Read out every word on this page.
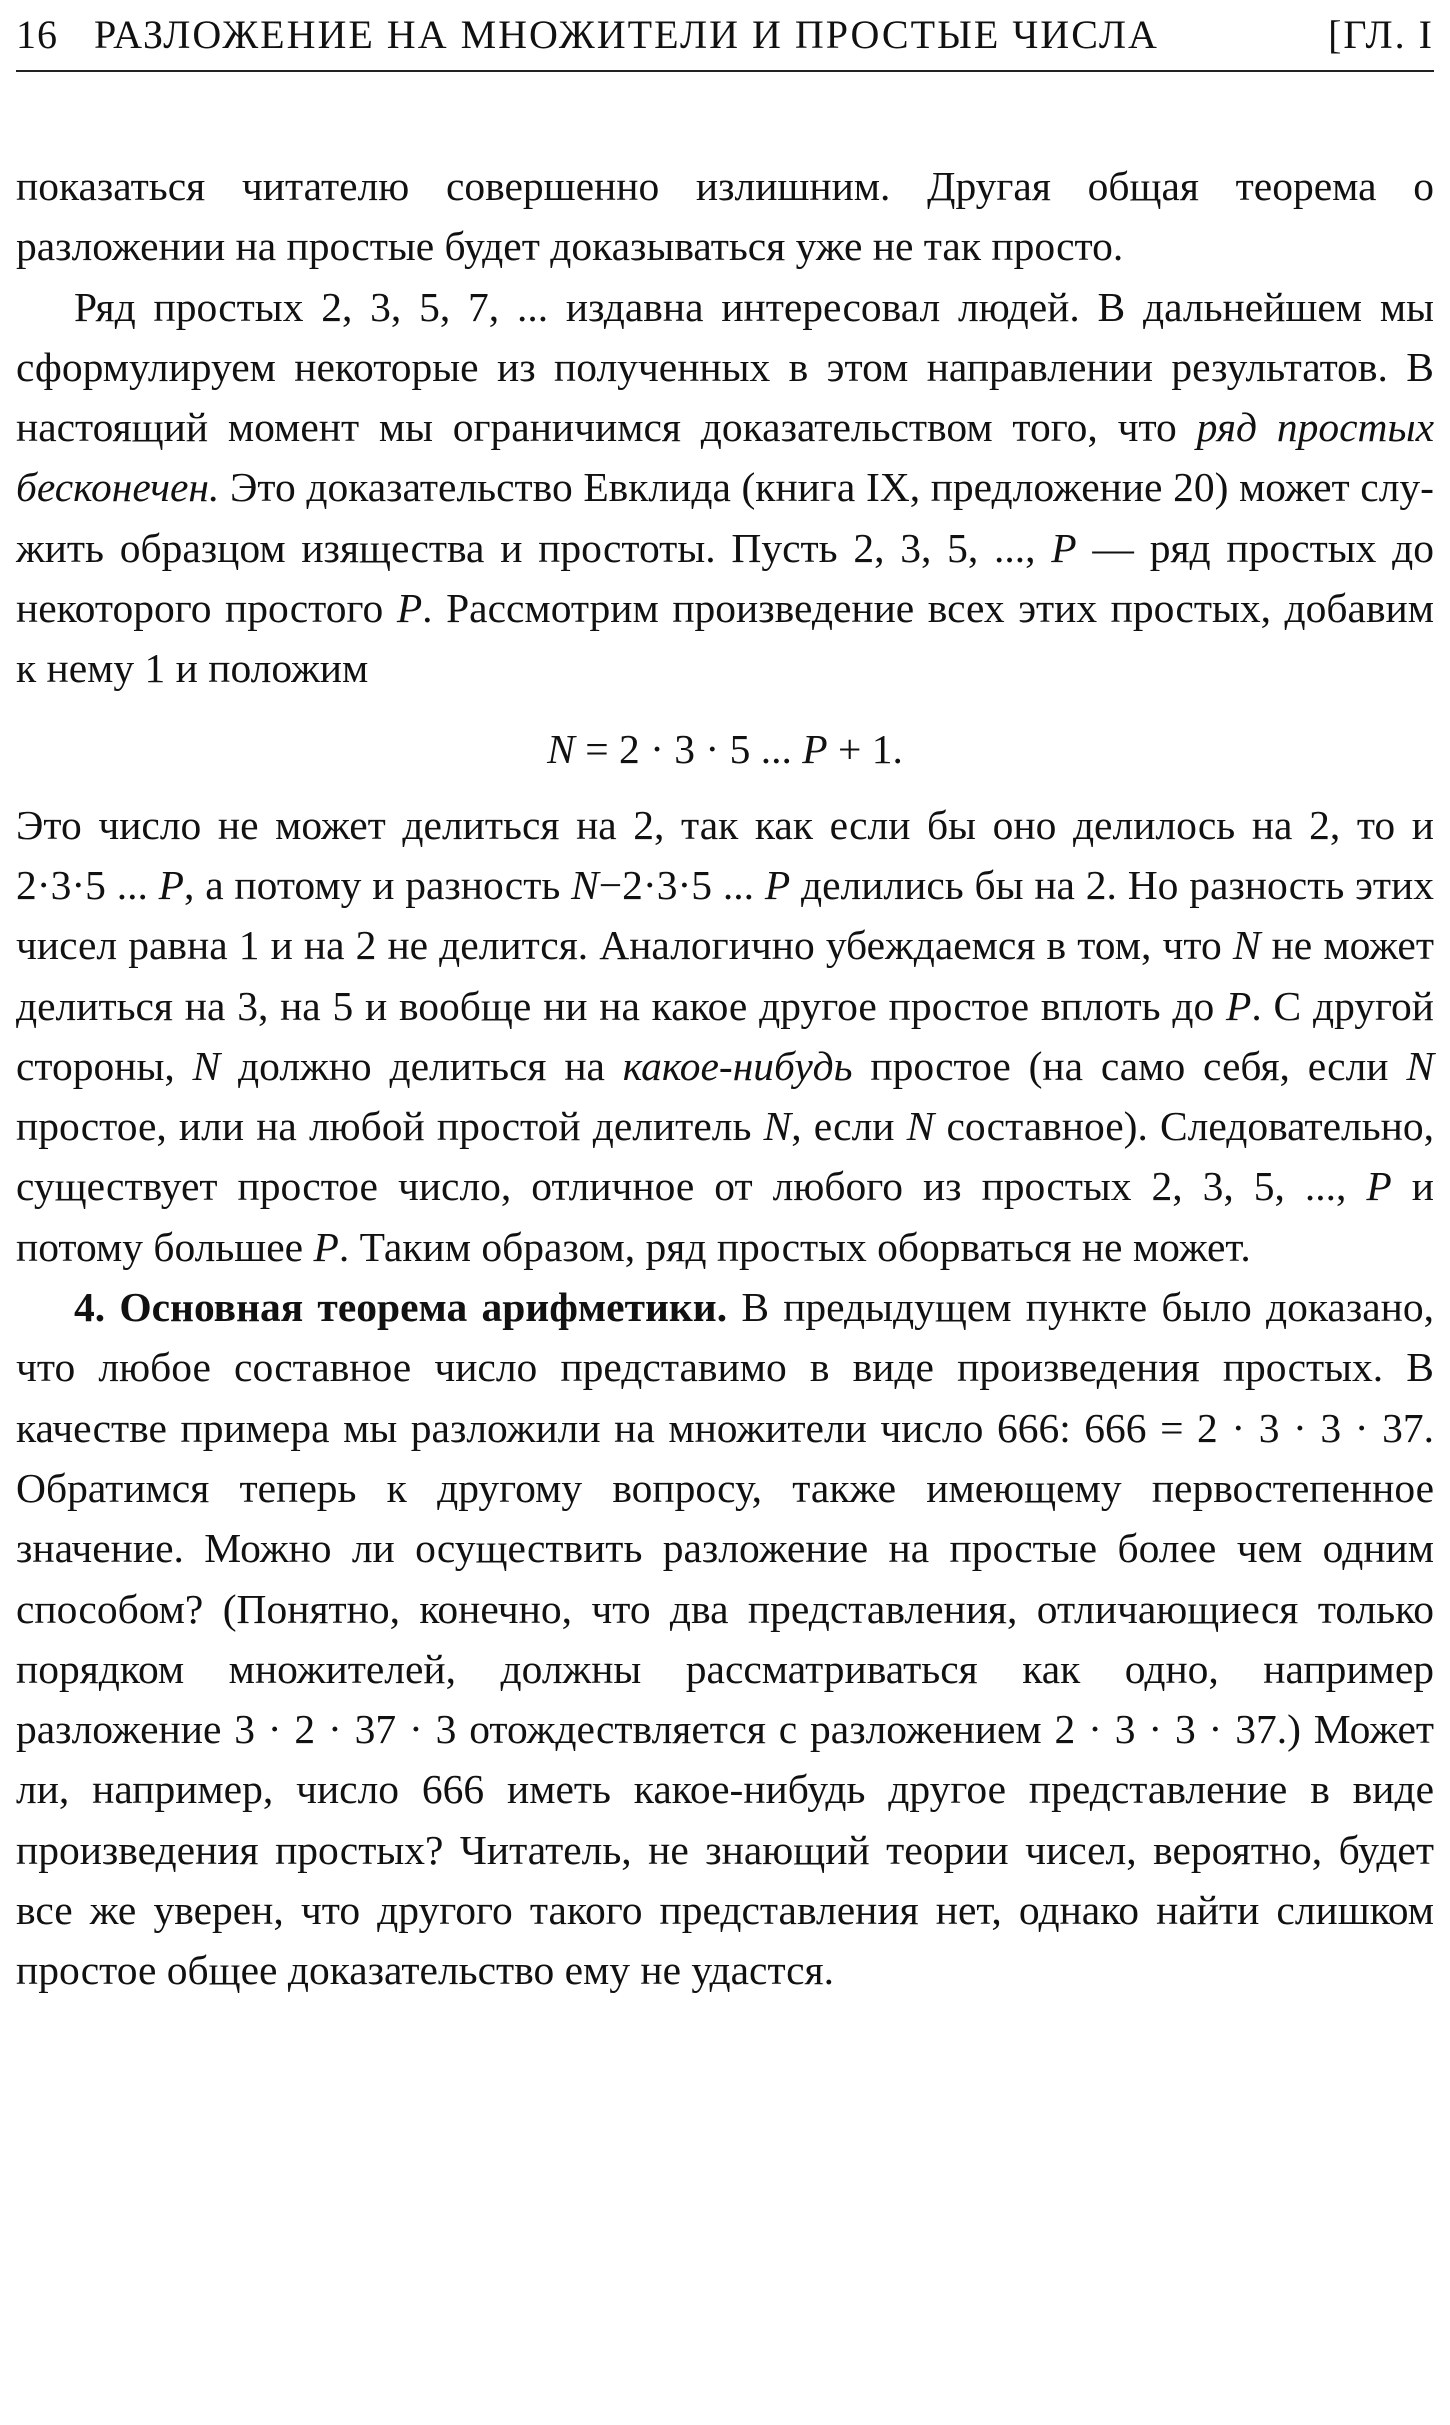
16 РАЗЛОЖЕНИЕ НА МНОЖИТЕЛИ И ПРОСТЫЕ ЧИСЛА	[ГЛ. I

показаться читателю совершенно излишним. Другая общая теорема о разложении на простые будет доказываться уже не так просто.

Ряд простых 2, 3, 5, 7, ... издавна интересовал людей. В дальнейшем мы сформулируем некоторые из полученных в этом направлении результатов. В настоящий момент мы ограничимся доказательством того, что ряд простых бесконечен. Это доказательство Евклида (книга IX, предложение 20) может служить образцом изящества и простоты. Пусть 2, 3, 5, ..., P — ряд простых до некоторого простого P. Рассмотрим произведение всех этих простых, добавим к нему 1 и положим

N = 2 · 3 · 5 ... P + 1.

Это число не может делиться на 2, так как если бы оно делилось на 2, то и 2·3·5 ... P, а потому и разность N−2·3·5 ... P делились бы на 2. Но разность этих чисел равна 1 и на 2 не делится. Аналогично убеждаемся в том, что N не может делиться на 3, на 5 и вообще ни на какое другое простое вплоть до P. С другой стороны, N должно делиться на какое-нибудь простое (на само себя, если N простое, или на любой простой делитель N, если N составное). Следовательно, существует простое число, отличное от любого из простых 2, 3, 5, ..., P и потому большее P. Таким образом, ряд простых оборваться не может.

4. Основная теорема арифметики. В предыдущем пункте было доказано, что любое составное число представимо в виде произведения простых. В качестве примера мы разложили на множители число 666: 666 = 2 · 3 · 3 · 37. Обратимся теперь к другому вопросу, также имеющему первостепенное значение. Можно ли осуществить разложение на простые более чем одним способом? (Понятно, конечно, что два представления, отличающиеся только порядком множителей, должны рассматриваться как одно, например разложение 3 · 2 · 37 · 3 отождествляется с разложением 2 · 3 · 3 · 37.) Может ли, например, число 666 иметь какое-нибудь другое представление в виде произведения простых? Читатель, не знающий теории чисел, вероятно, будет все же уверен, что другого такого представления нет, однако найти слишком простое общее доказательство ему не удастся.
